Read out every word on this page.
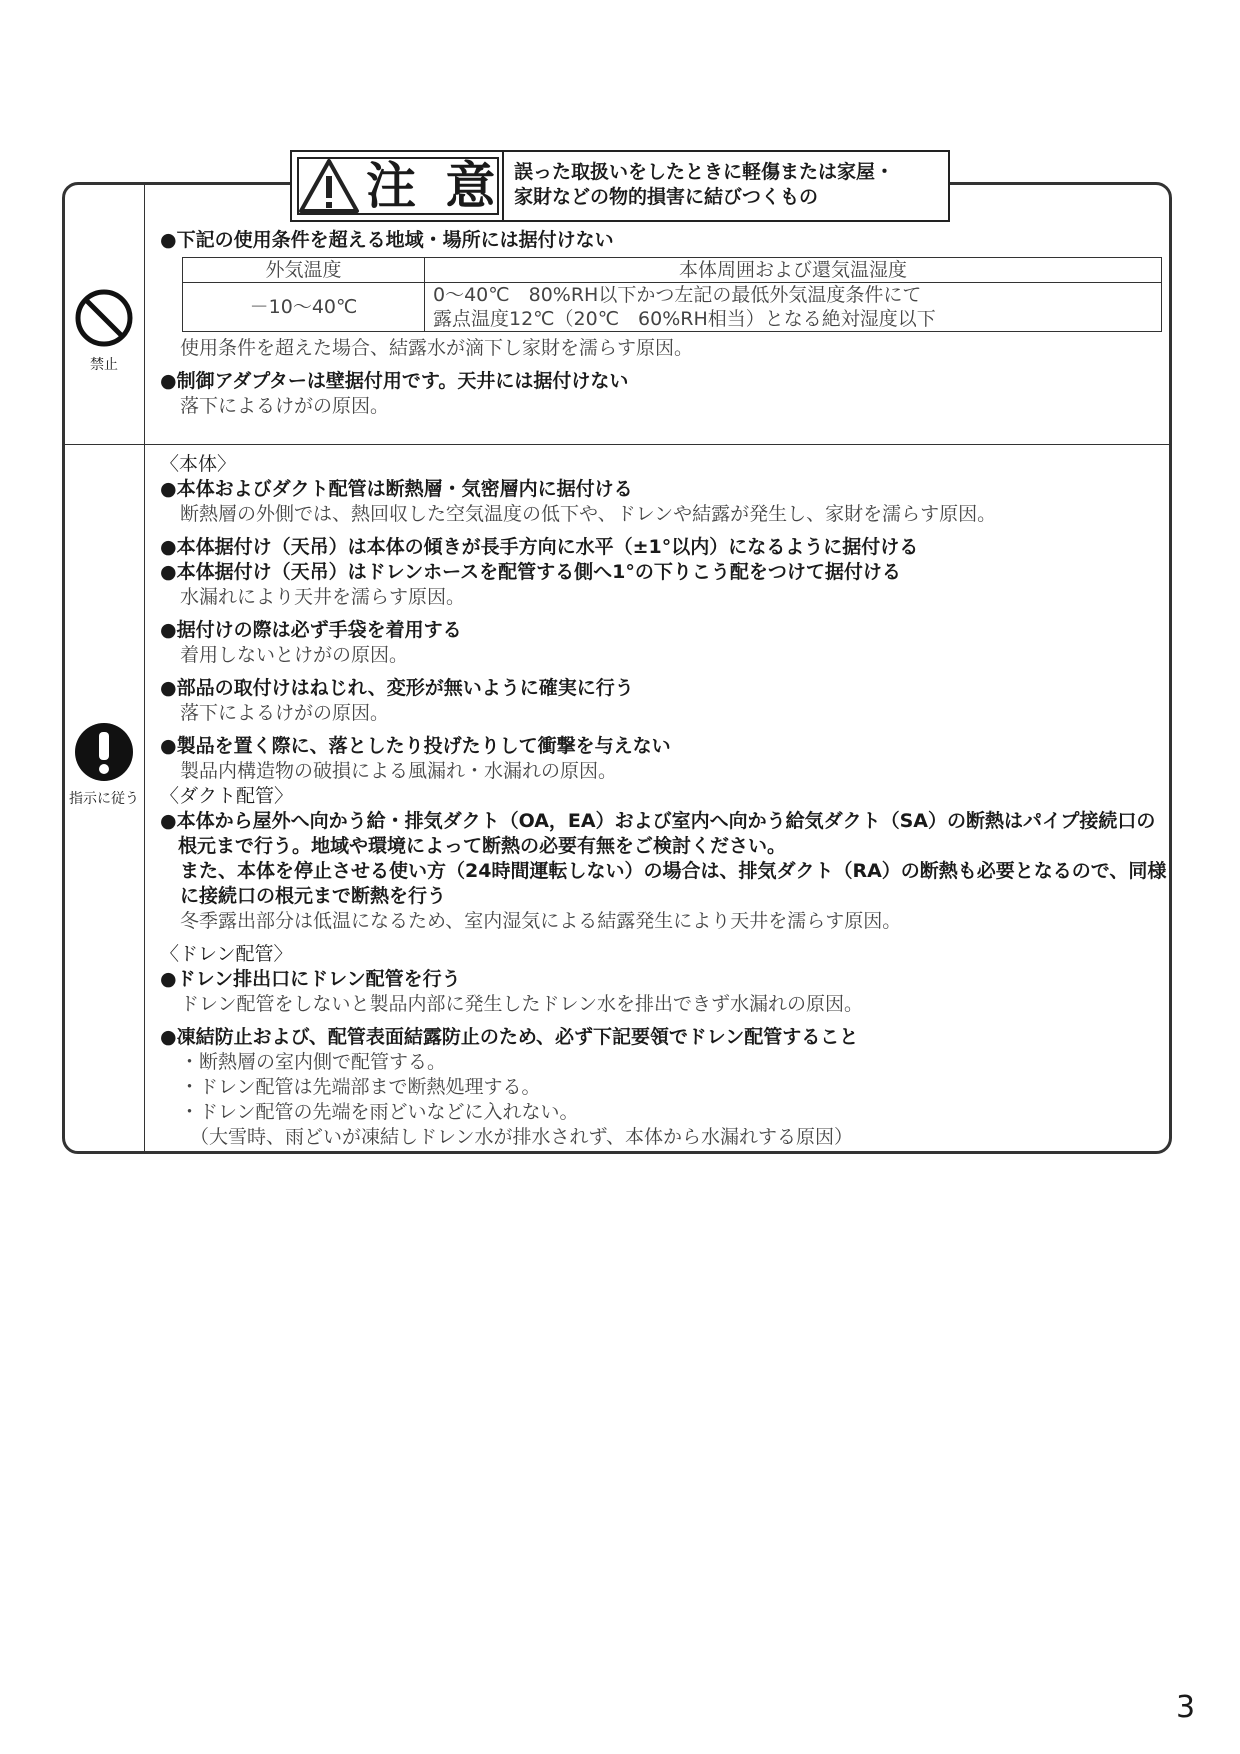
注 意 誤った取扱いをしたときに軽傷または家屋・
家財などの物的損害に結びつくもの
禁止
指示に従う
●下記の使用条件を超える地域・場所には据付けない
外気温度	本体周囲および還気温湿度
－10～40℃	0～40℃　80%RH以下かつ左記の最低外気温度条件にて
露点温度12℃（20℃　60%RH相当）となる絶対湿度以下
使用条件を超えた場合、結露水が滴下し家財を濡らす原因。
●制御アダプターは壁据付用です。天井には据付けない
落下によるけがの原因。
〈本体〉
●本体およびダクト配管は断熱層・気密層内に据付ける
断熱層の外側では、熱回収した空気温度の低下や、ドレンや結露が発生し、家財を濡らす原因。
●本体据付け（天吊）は本体の傾きが長手方向に水平（±1°以内）になるように据付ける
●本体据付け（天吊）はドレンホースを配管する側へ1°の下りこう配をつけて据付ける
水漏れにより天井を濡らす原因。
●据付けの際は必ず手袋を着用する
着用しないとけがの原因。
●部品の取付けはねじれ、変形が無いように確実に行う
落下によるけがの原因。
●製品を置く際に、落としたり投げたりして衝撃を与えない
製品内構造物の破損による風漏れ・水漏れの原因。
〈ダクト配管〉
●本体から屋外へ向かう給・排気ダクト（OA，EA）および室内へ向かう給気ダクト（SA）の断熱はパイプ接続口の根元まで行う。地域や環境によって断熱の必要有無をご検討ください。
また、本体を停止させる使い方（24時間運転しない）の場合は、排気ダクト（RA）の断熱も必要となるので、同様に接続口の根元まで断熱を行う
冬季露出部分は低温になるため、室内湿気による結露発生により天井を濡らす原因。
〈ドレン配管〉
●ドレン排出口にドレン配管を行う
ドレン配管をしないと製品内部に発生したドレン水を排出できず水漏れの原因。
●凍結防止および、配管表面結露防止のため、必ず下記要領でドレン配管すること
・断熱層の室内側で配管する。
・ドレン配管は先端部まで断熱処理する。
・ドレン配管の先端を雨どいなどに入れない。
（大雪時、雨どいが凍結しドレン水が排水されず、本体から水漏れする原因）
3
